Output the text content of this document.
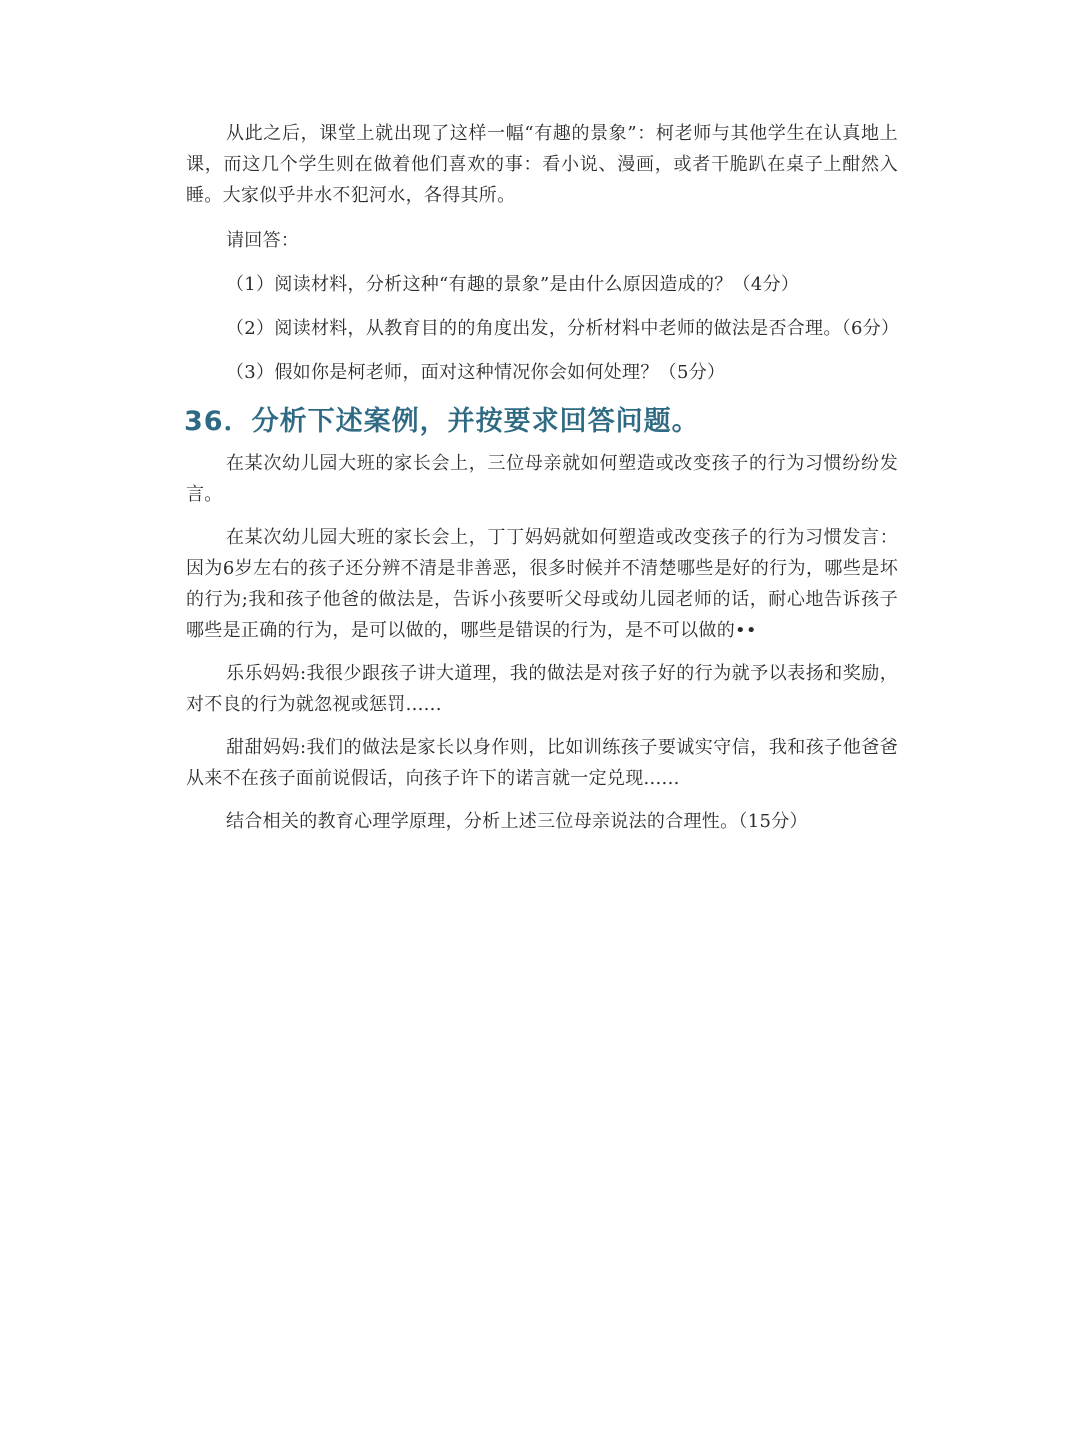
从此之后，课堂上就出现了这样一幅“有趣的景象”：柯老师与其他学生在认真地上课，而这几个学生则在做着他们喜欢的事：看小说、漫画，或者干脆趴在桌子上酣然入睡。大家似乎井水不犯河水，各得其所。

请回答：

（1）阅读材料，分析这种“有趣的景象”是由什么原因造成的？（4分）

（2）阅读材料，从教育目的的角度出发，分析材料中老师的做法是否合理。（6分）

（3）假如你是柯老师，面对这种情况你会如何处理？（5分）

36．分析下述案例，并按要求回答问题。

在某次幼儿园大班的家长会上，三位母亲就如何塑造或改变孩子的行为习惯纷纷发言。

在某次幼儿园大班的家长会上，丁丁妈妈就如何塑造或改变孩子的行为习惯发言：因为6岁左右的孩子还分辨不清是非善恶，很多时候并不清楚哪些是好的行为，哪些是坏的行为;我和孩子他爸的做法是，告诉小孩要听父母或幼儿园老师的话，耐心地告诉孩子哪些是正确的行为，是可以做的，哪些是错误的行为，是不可以做的••

乐乐妈妈:我很少跟孩子讲大道理，我的做法是对孩子好的行为就予以表扬和奖励，对不良的行为就忽视或惩罚......

甜甜妈妈:我们的做法是家长以身作则，比如训练孩子要诚实守信，我和孩子他爸爸从来不在孩子面前说假话，向孩子许下的诺言就一定兑现......

结合相关的教育心理学原理，分析上述三位母亲说法的合理性。（15分）
